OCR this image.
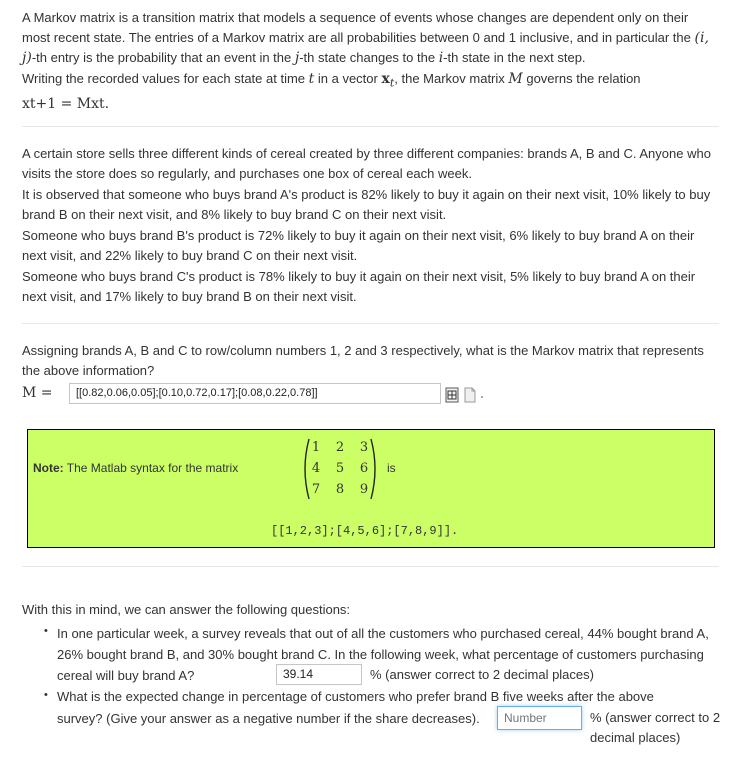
A Markov matrix is a transition matrix that models a sequence of events whose changes are dependent only on their most recent state. The entries of a Markov matrix are all probabilities between 0 and 1 inclusive, and in particular the (i, j)-th entry is the probability that an event in the j-th state changes to the i-th state in the next step.

Writing the recorded values for each state at time t in a vector $x_t$, the Markov matrix M governs the relation

xt+1 = Mxt.

A certain store sells three different kinds of cereal created by three different companies: brands A, B and C. Anyone who visits the store does so regularly, and purchases one box of cereal each week.

It is observed that someone who buys brand A's product is 82% likely to buy it again on their next visit, 10% likely to buy brand B on their next visit, and 8% likely to buy brand C on their next visit.

Someone who buys brand B's product is 72% likely to buy it again on their next visit, 6% likely to buy brand A on their next visit, and 22% likely to buy brand C on their next visit.

Someone who buys brand C's product is 78% likely to buy it again on their next visit, 5% likely to buy brand A on their next visit, and 17% likely to buy brand B on their next visit.

Assigning brands A, B and C to row/column numbers 1, 2 and 3 respectively, what is the Markov matrix that represents the above information?

M =	[[0.82,0.06,0.05];[0.10,0.72,0.17];[0.08,0.22,0.78]]
Note: The Matlab syntax for the matrix
1	2	3
4	5	6
7	8	9
is
[[1,2,3];[4,5,6];[7,8,9]].

With this in mind, we can answer the following questions:

• In one particular week, a survey reveals that out of all the customers who purchased cereal, 44% bought brand A, 26% bought brand B, and 30% bought brand C. In the following week, what percentage of customers purchasing cereal will buy brand A?	39.14	% (answer correct to 2 decimal places)
• What is the expected change in percentage of customers who prefer brand B five weeks after the above survey? (Give your answer as a negative number if the share decreases).
Number	% (answer correct to 2 decimal places)
